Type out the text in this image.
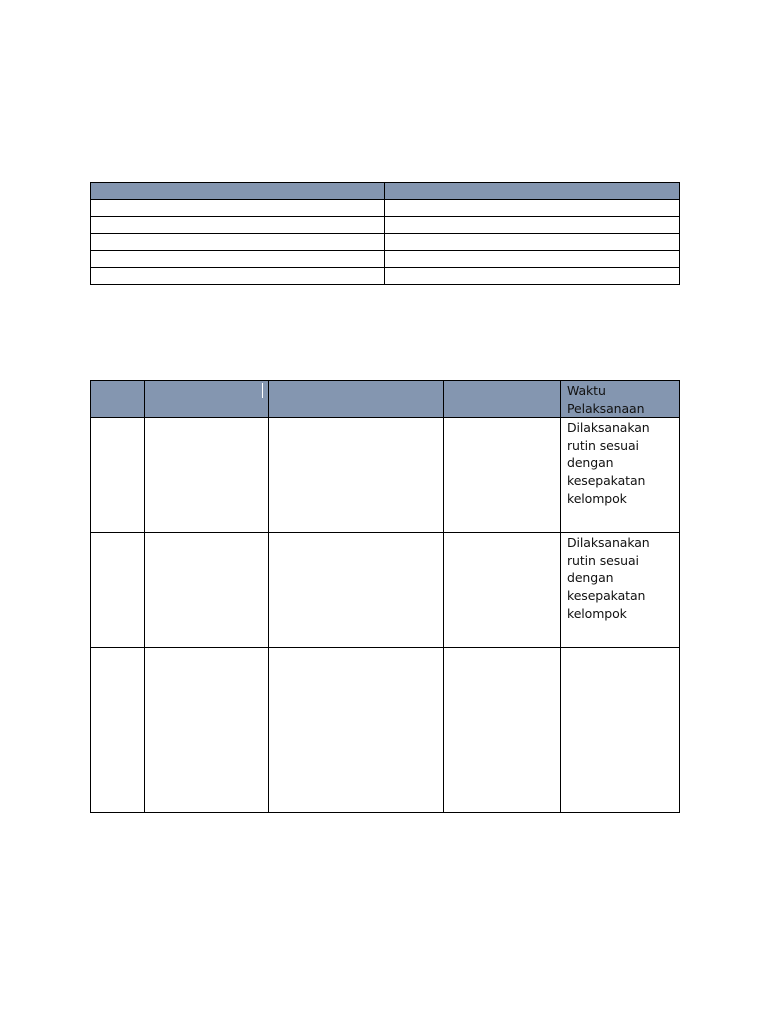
				Waktu
Pelaksanaan

				Dilaksanakan
rutin sesuai
dengan
kesepakatan
kelompok

				Dilaksanakan
rutin sesuai
dengan
kesepakatan
kelompok
